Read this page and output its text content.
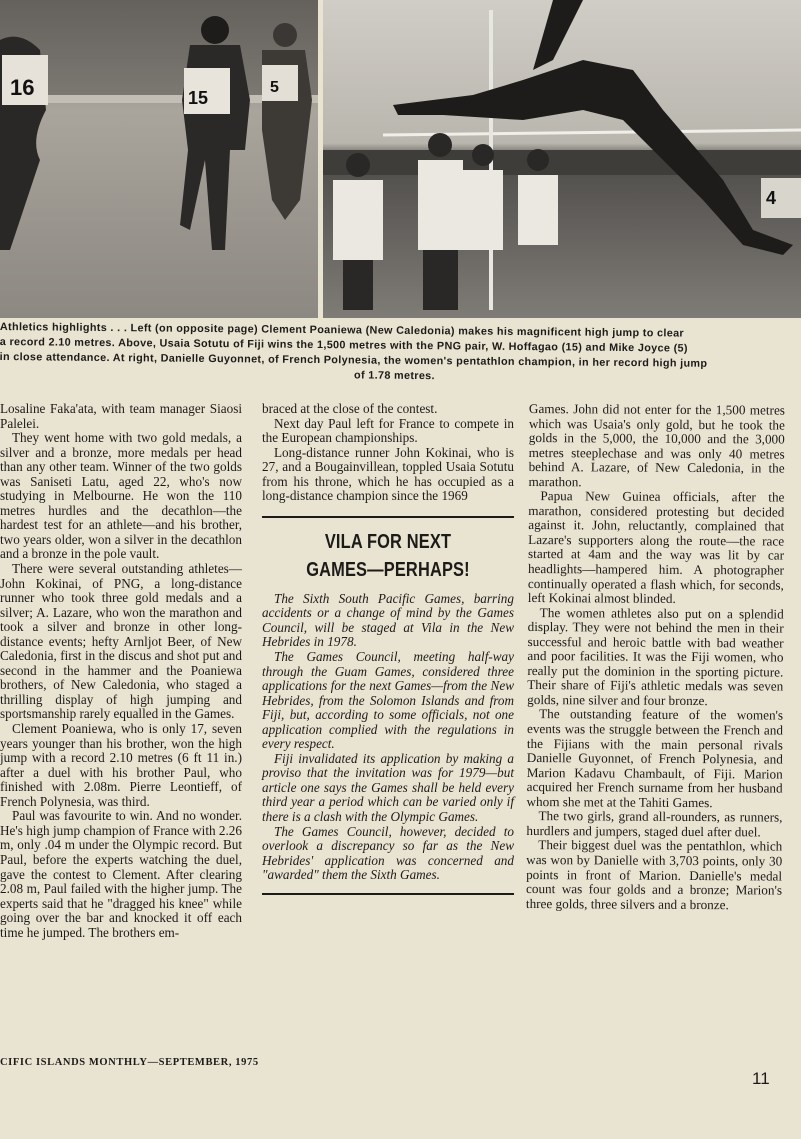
16	15
5
4

Athletics highlights . . . Left (on opposite page) Clement Poaniewa (New Caledonia) makes his magnificent high jump to clear

a record 2.10 metres. Above, Usaia Sotutu of Fiji wins the 1,500 metres with the PNG pair, W. Hoffagao (15) and Mike Joyce (5)

in close attendance. At right, Danielle Guyonnet, of French Polynesia, the women's pentathlon champion, in her record high jump

of 1.78 metres.

Losaline Faka'ata, with team manager Siaosi Palelei.

They went home with two gold medals, a silver and a bronze, more medals per head than any other team. Winner of the two golds was Saniseti Latu, aged 22, who's now studying in Melbourne. He won the 110 metres hurdles and the decathlon—the hardest test for an athlete—and his brother, two years older, won a silver in the decathlon and a bronze in the pole vault.

There were several outstanding athletes—John Kokinai, of PNG, a long-distance runner who took three gold medals and a silver; A. Lazare, who won the marathon and took a silver and bronze in other long-distance events; hefty Arnljot Beer, of New Caledonia, first in the discus and shot put and second in the hammer and the Poaniewa brothers, of New Caledonia, who staged a thrilling display of high jumping and sportsmanship rarely equalled in the Games.

Clement Poaniewa, who is only 17, seven years younger than his brother, won the high jump with a record 2.10 metres (6 ft 11 in.) after a duel with his brother Paul, who finished with 2.08m. Pierre Leontieff, of French Polynesia, was third.

Paul was favourite to win. And no wonder. He's high jump champion of France with 2.26 m, only .04 m under the Olympic record. But Paul, before the experts watching the duel, gave the contest to Clement. After clearing 2.08 m, Paul failed with the higher jump. The experts said that he "dragged his knee" while going over the bar and knocked it off each time he jumped. The brothers em-

braced at the close of the contest.

Next day Paul left for France to compete in the European championships.

Long-distance runner John Kokinai, who is 27, and a Bougainvillean, toppled Usaia Sotutu from his throne, which he has occupied as a long-distance champion since the 1969

VILA FOR NEXT
GAMES—PERHAPS!

The Sixth South Pacific Games, barring accidents or a change of mind by the Games Council, will be staged at Vila in the New Hebrides in 1978.

The Games Council, meeting half-way through the Guam Games, considered three applications for the next Games—from the New Hebrides, from the Solomon Islands and from Fiji, but, according to some officials, not one application complied with the regulations in every respect.

Fiji invalidated its application by making a proviso that the invitation was for 1979—but article one says the Games shall be held every third year a period which can be varied only if there is a clash with the Olympic Games.

The Games Council, however, decided to overlook a discrepancy so far as the New Hebrides' application was concerned and "awarded" them the Sixth Games.

Games. John did not enter for the 1,500 metres which was Usaia's only gold, but he took the golds in the 5,000, the 10,000 and the 3,000 metres steeplechase and was only 40 metres behind A. Lazare, of New Caledonia, in the marathon.

Papua New Guinea officials, after the marathon, considered protesting but decided against it. John, reluctantly, complained that Lazare's supporters along the route—the race started at 4am and the way was lit by car headlights—hampered him. A photographer continually operated a flash which, for seconds, left Kokinai almost blinded.

The women athletes also put on a splendid display. They were not behind the men in their successful and heroic battle with bad weather and poor facilities. It was the Fiji women, who really put the dominion in the sporting picture. Their share of Fiji's athletic medals was seven golds, nine silver and four bronze.

The outstanding feature of the women's events was the struggle between the French and the Fijians with the main personal rivals Danielle Guyonnet, of French Polynesia, and Marion Kadavu Chambault, of Fiji. Marion acquired her French surname from her husband whom she met at the Tahiti Games.

The two girls, grand all-rounders, as runners, hurdlers and jumpers, staged duel after duel.

Their biggest duel was the pentathlon, which was won by Danielle with 3,703 points, only 30 points in front of Marion. Danielle's medal count was four golds and a bronze; Marion's three golds, three silvers and a bronze.

CIFIC ISLANDS MONTHLY—SEPTEMBER, 1975
11
